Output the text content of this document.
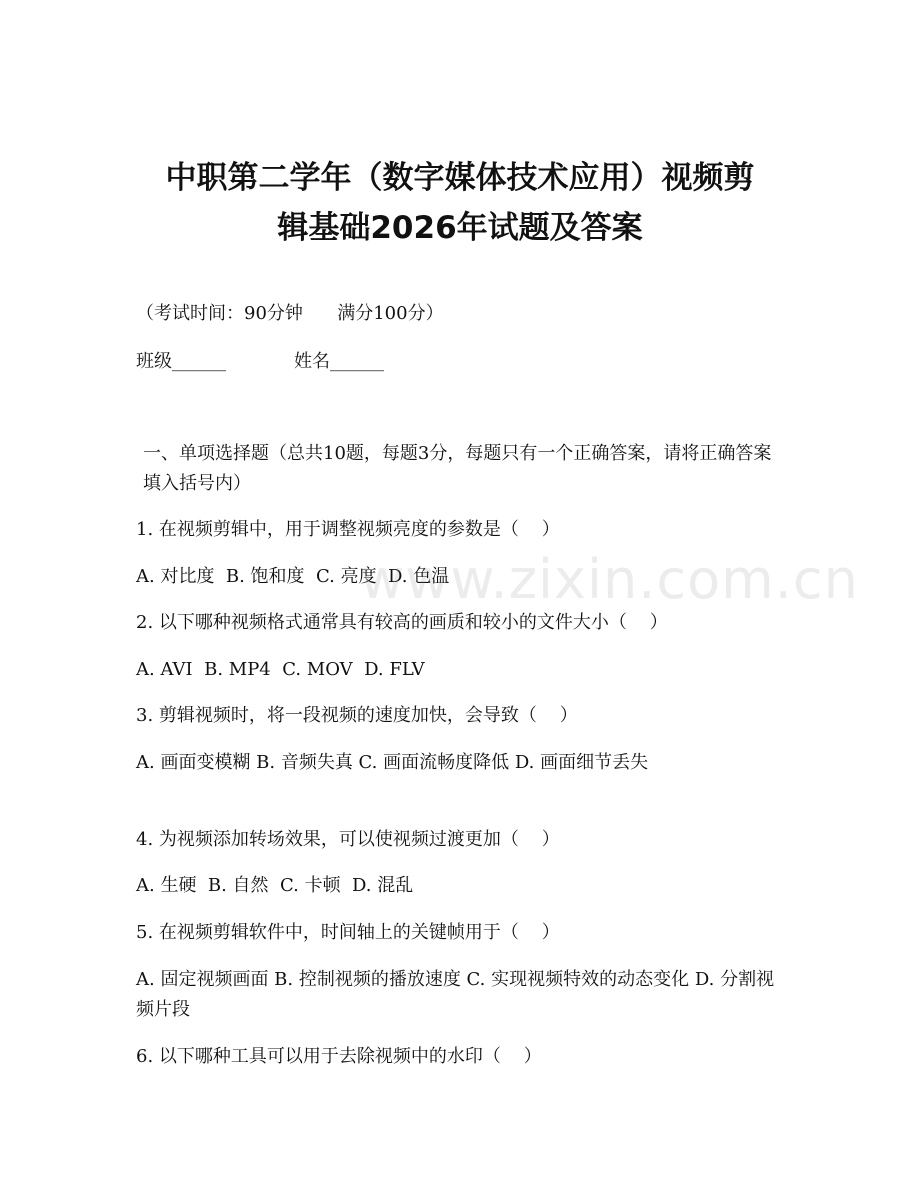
中职第二学年（数字媒体技术应用）视频剪
辑基础2026年试题及答案
（考试时间：90分钟      满分100分）
班级______	姓名______
一、单项选择题（总共10题，每题3分，每题只有一个正确答案，请将正确答案填入括号内）
1. 在视频剪辑中，用于调整视频亮度的参数是（    ）
A. 对比度  B. 饱和度  C. 亮度  D. 色温
2. 以下哪种视频格式通常具有较高的画质和较小的文件大小（    ）
A. AVI  B. MP4  C. MOV  D. FLV
3. 剪辑视频时，将一段视频的速度加快，会导致（    ）
A. 画面变模糊 B. 音频失真 C. 画面流畅度降低 D. 画面细节丢失
4. 为视频添加转场效果，可以使视频过渡更加（    ）
A. 生硬  B. 自然  C. 卡顿  D. 混乱
5. 在视频剪辑软件中，时间轴上的关键帧用于（    ）
A. 固定视频画面 B. 控制视频的播放速度 C. 实现视频特效的动态变化 D. 分割视频片段
6. 以下哪种工具可以用于去除视频中的水印（    ）
www.zixin.com.cn
